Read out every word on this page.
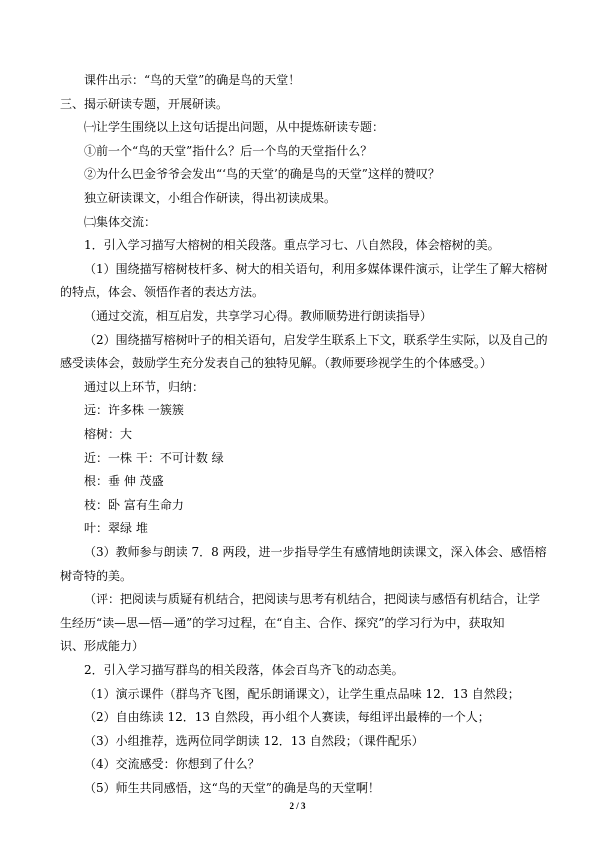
课件出示：“鸟的天堂”的确是鸟的天堂！
三、揭示研读专题，开展研读。
㈠让学生围绕以上这句话提出问题，从中提炼研读专题：
①前一个“鸟的天堂”指什么？后一个鸟的天堂指什么？
②为什么巴金爷爷会发出“‘鸟的天堂’的确是鸟的天堂”这样的赞叹？
独立研读课文，小组合作研读，得出初读成果。
㈡集体交流：
1．引入学习描写大榕树的相关段落。重点学习七、八自然段，体会榕树的美。
（1）围绕描写榕树枝杆多、树大的相关语句，利用多媒体课件演示，让学生了解大榕树
的特点，体会、领悟作者的表达方法。
（通过交流，相互启发，共享学习心得。教师顺势进行朗读指导）
（2）围绕描写榕树叶子的相关语句，启发学生联系上下文，联系学生实际，以及自己的
感受读体会，鼓励学生充分发表自己的独特见解。（教师要珍视学生的个体感受。）
通过以上环节，归纳：
远：许多株 一簇簇
榕树：大
近：一株 干：不可计数 绿
根：垂 伸 茂盛
枝：卧 富有生命力
叶：翠绿 堆
（3）教师参与朗读 7．8 两段，进一步指导学生有感情地朗读课文，深入体会、感悟榕
树奇特的美。
（评：把阅读与质疑有机结合，把阅读与思考有机结合，把阅读与感悟有机结合，让学
生经历“读—思—悟—通”的学习过程，在“自主、合作、探究”的学习行为中，获取知
识、形成能力）
2．引入学习描写群鸟的相关段落，体会百鸟齐飞的动态美。
（1）演示课件（群鸟齐飞图，配乐朗诵课文），让学生重点品味 12．13 自然段；
（2）自由练读 12．13 自然段，再小组个人赛读，每组评出最棒的一个人；
（3）小组推荐，选两位同学朗读 12．13 自然段；（课件配乐）
（4）交流感受：你想到了什么？
（5）师生共同感悟，这“鸟的天堂”的确是鸟的天堂啊！
2 / 3
